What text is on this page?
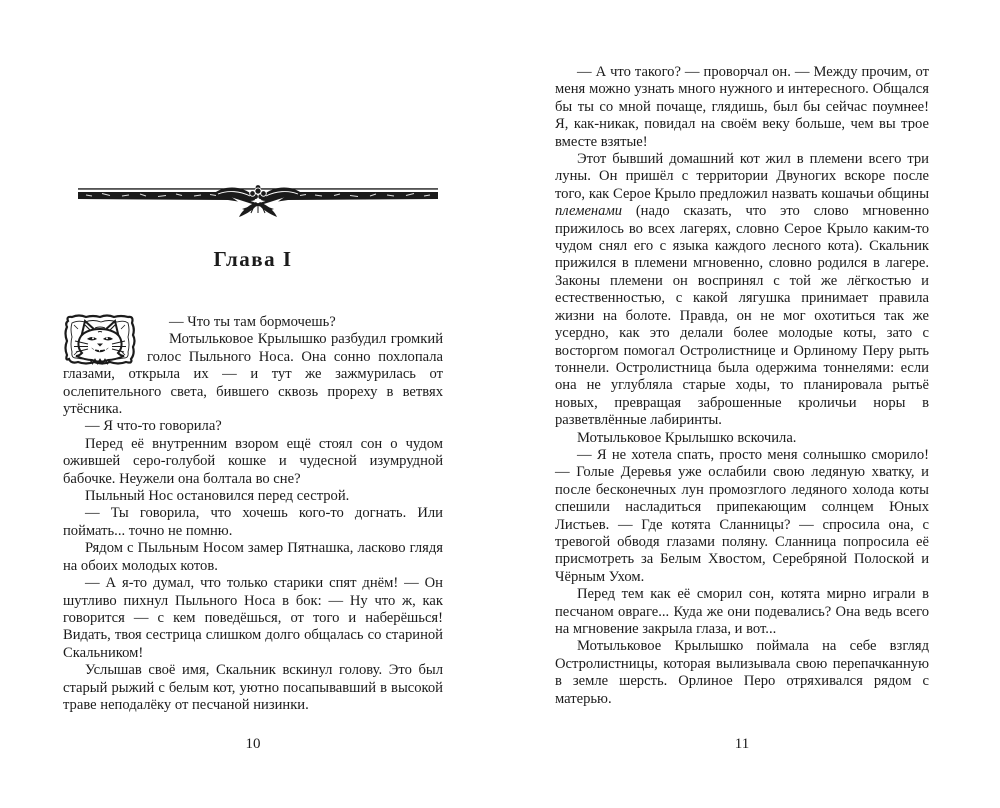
Глава I

— Что ты там бормочешь?

Мотыльковое Крылышко разбудил громкий голос Пыльного Носа. Она сонно похлопала глазами, открыла их — и тут же зажмурилась от ослепительного света, бившего сквозь прореху в ветвях утёсника.

— Я что-то говорила?

Перед её внутренним взором ещё стоял сон о чудом ожившей серо-голубой кошке и чудесной изумрудной бабочке. Неужели она болтала во сне?

Пыльный Нос остановился перед сестрой.

— Ты говорила, что хочешь кого-то догнать. Или поймать... точно не помню.

Рядом с Пыльным Носом замер Пятнашка, ласково глядя на обоих молодых котов.

— А я-то думал, что только старики спят днём! — Он шутливо пихнул Пыльного Носа в бок: — Ну что ж, как говорится — с кем поведёшься, от того и наберёшься! Видать, твоя сестрица слишком долго общалась со стариной Скальником!

Услышав своё имя, Скальник вскинул голову. Это был старый рыжий с белым кот, уютно посапывавший в высокой траве неподалёку от песчаной низинки.

10

— А что такого? — проворчал он. — Между прочим, от меня можно узнать много нужного и интересного. Общался бы ты со мной почаще, глядишь, был бы сейчас поумнее! Я, как-никак, повидал на своём веку больше, чем вы трое вместе взятые!

Этот бывший домашний кот жил в племени всего три луны. Он пришёл с территории Двуногих вскоре после того, как Серое Крыло предложил назвать кошачьи общины племенами (надо сказать, что это слово мгновенно прижилось во всех лагерях, словно Серое Крыло каким-то чудом снял его с языка каждого лесного кота). Скальник прижился в племени мгновенно, словно родился в лагере. Законы племени он воспринял с той же лёгкостью и естественностью, с какой лягушка принимает правила жизни на болоте. Правда, он не мог охотиться так же усердно, как это делали более молодые коты, зато с восторгом помогал Остролистнице и Орлиному Перу рыть тоннели. Остролистница была одержима тоннелями: если она не углубляла старые ходы, то планировала рытьё новых, превращая заброшенные кроличьи норы в разветвлённые лабиринты.

Мотыльковое Крылышко вскочила.

— Я не хотела спать, просто меня солнышко сморило! — Голые Деревья уже ослабили свою ледяную хватку, и после бесконечных лун промозглого ледяного холода коты спешили насладиться припекающим солнцем Юных Листьев. — Где котята Сланницы? — спросила она, с тревогой обводя глазами поляну. Сланница попросила её присмотреть за Белым Хвостом, Серебряной Полоской и Чёрным Ухом.

Перед тем как её сморил сон, котята мирно играли в песчаном овраге... Куда же они подевались? Она ведь всего на мгновение закрыла глаза, и вот...

Мотыльковое Крылышко поймала на себе взгляд Остролистницы, которая вылизывала свою перепачканную в земле шерсть. Орлиное Перо отряхивался рядом с матерью.

11
